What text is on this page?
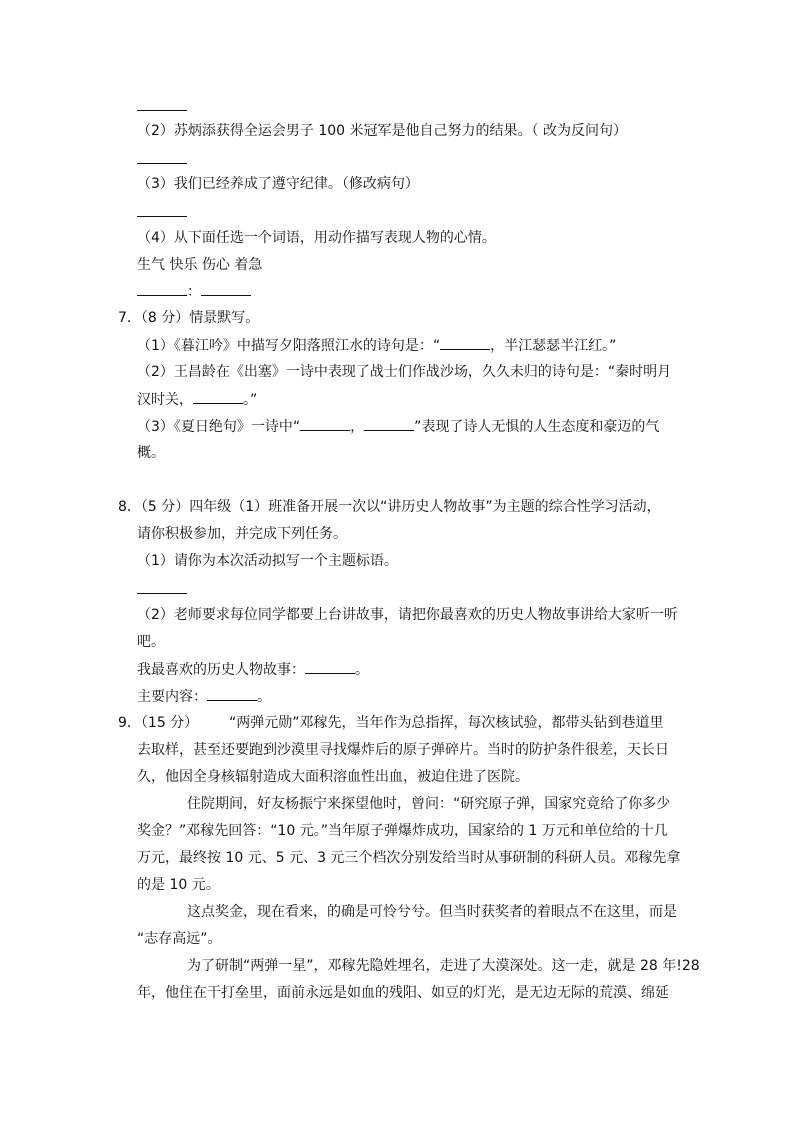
（2）苏炳添获得全运会男子 100 米冠军是他自己努力的结果。（ 改为反问句）
（3）我们已经养成了遵守纪律。（修改病句）
（4）从下面任选一个词语，用动作描写表现人物的心情。
生气 快乐 伤心 着急
：
7．（8 分）情景默写。
（1）《暮江吟》中描写夕阳落照江水的诗句是：“	，半江瑟瑟半江红。”
（2）王昌龄在《出塞》一诗中表现了战士们作战沙场，久久未归的诗句是：“秦时明月
汉时关，	。”
（3）《夏日绝句》一诗中“	，	”表现了诗人无惧的人生态度和豪迈的气
概。
8．（5 分）四年级（1）班准备开展一次以“讲历史人物故事”为主题的综合性学习活动，
请你积极参加，并完成下列任务。
（1）请你为本次活动拟写一个主题标语。
（2）老师要求每位同学都要上台讲故事，请把你最喜欢的历史人物故事讲给大家听一听
吧。
我最喜欢的历史人物故事：	。
主要内容：	。
9．（15 分） “两弹元勋”邓稼先，当年作为总指挥，每次核试验，都带头钻到巷道里
去取样，甚至还要跑到沙漠里寻找爆炸后的原子弹碎片。当时的防护条件很差，天长日
久，他因全身核辐射造成大面积溶血性出血，被迫住进了医院。
住院期间，好友杨振宁来探望他时，曾问：“研究原子弹，国家究竟给了你多少
奖金？”邓稼先回答：“10 元。”当年原子弹爆炸成功，国家给的 1 万元和单位给的十几
万元，最终按 10 元、5 元、3 元三个档次分别发给当时从事研制的科研人员。邓稼先拿
的是 10 元。
这点奖金，现在看来，的确是可怜兮兮。但当时获奖者的着眼点不在这里，而是
“志存高远”。
为了研制“两弹一星”，邓稼先隐姓埋名，走进了大漠深处。这一走，就是 28 年!28
年，他住在干打垒里，面前永远是如血的残阳、如豆的灯光，是无边无际的荒漠、绵延
